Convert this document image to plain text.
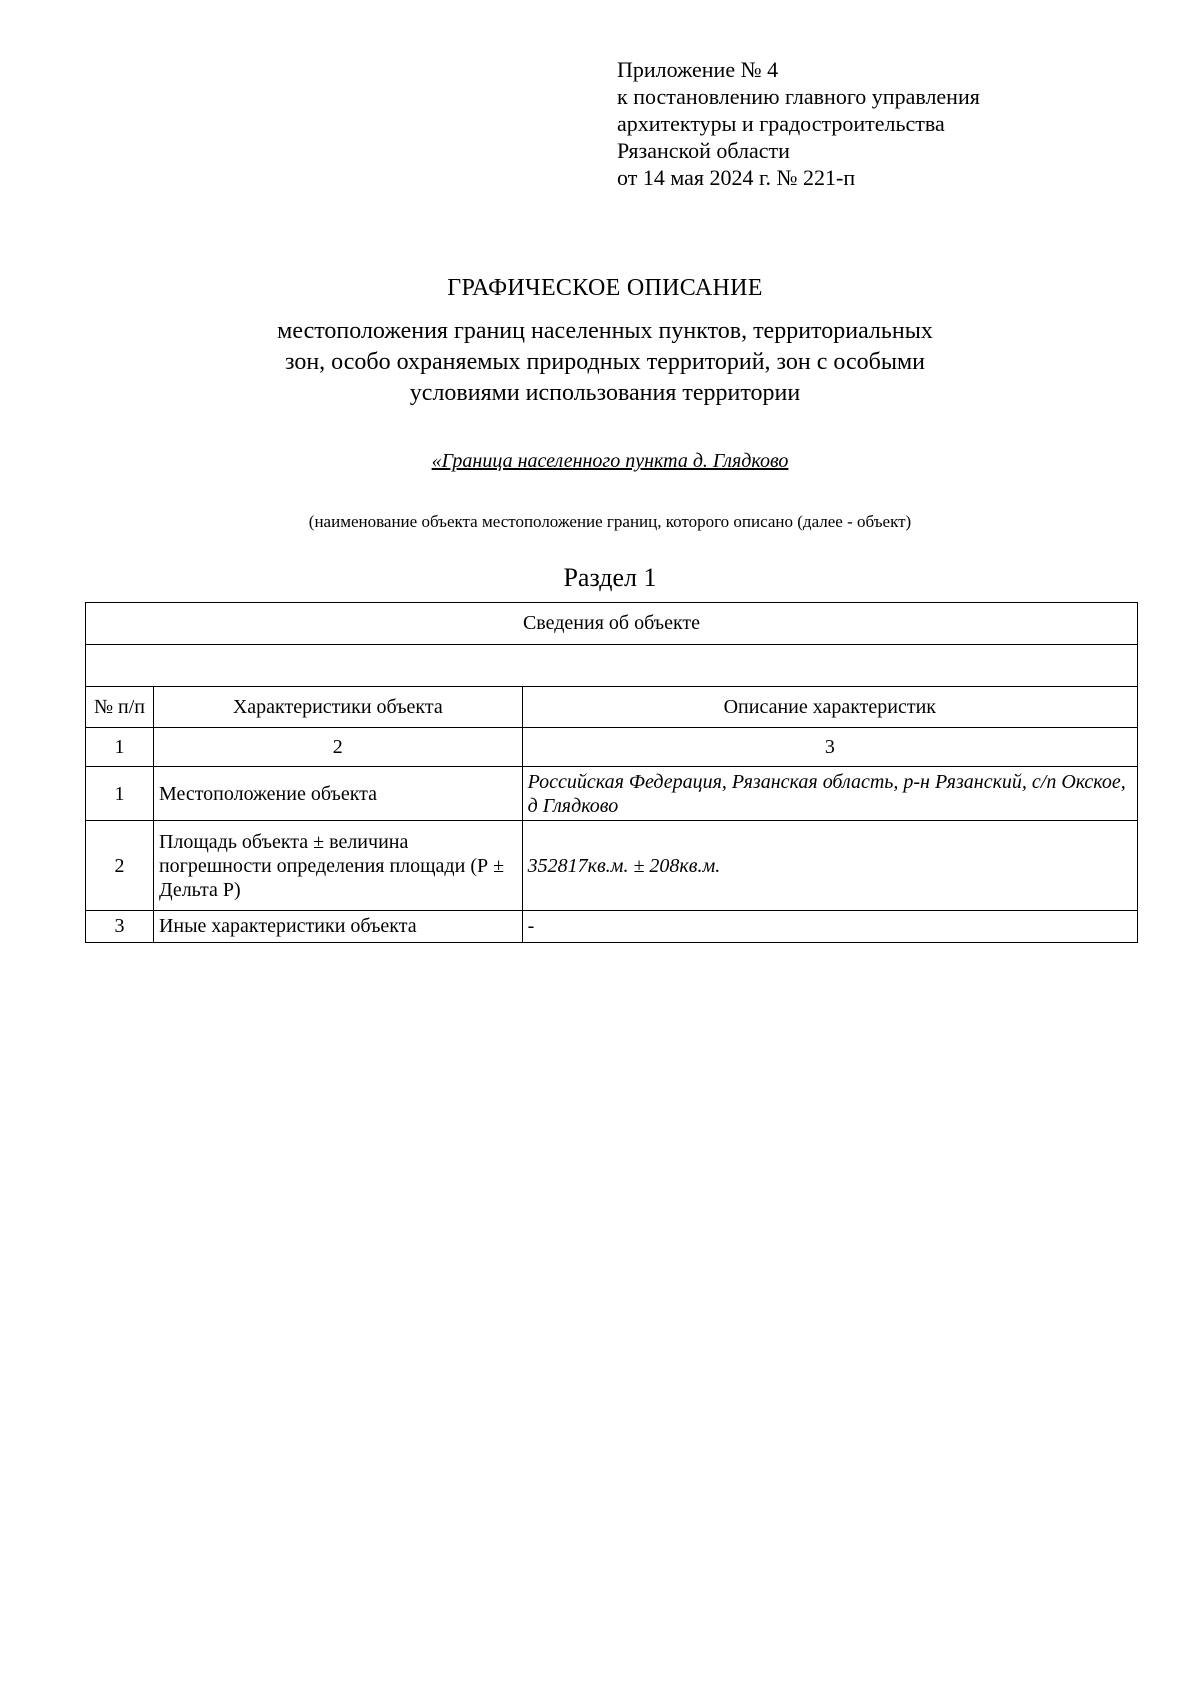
Приложение № 4
к постановлению главного управления
архитектуры и градостроительства
Рязанской области
от 14 мая 2024 г. № 221-п
ГРАФИЧЕСКОЕ ОПИСАНИЕ
местоположения границ населенных пунктов, территориальных
зон, особо охраняемых природных территорий, зон с особыми
условиями использования территории
«Граница населенного пункта д. Глядково
(наименование объекта местоположение границ, которого описано (далее - объект)
Раздел 1
Сведения об объекте		

№ п/п	Характеристики объекта	Описание характеристик
1	2	3
1	Местоположение объекта	Российская Федерация, Рязанская область, р-н Рязанский, с/п Окское, д Глядково
2	Площадь объекта ± величина погрешности определения площади (Р ± Дельта Р)	352817кв.м. ± 208кв.м.
3	Иные характеристики объекта	-
